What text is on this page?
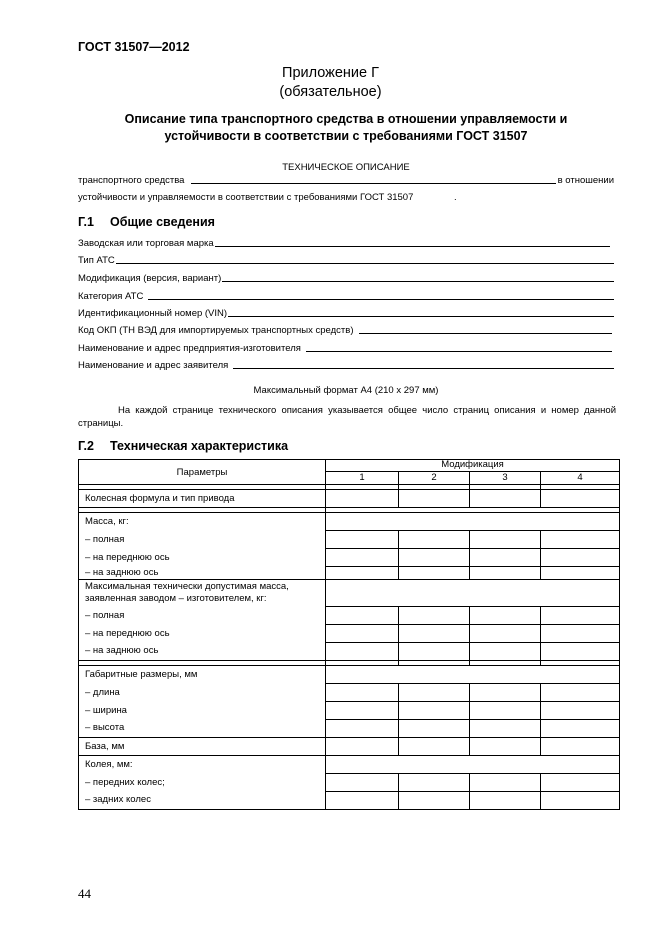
ГОСТ 31507—2012
Приложение Г
(обязательное)
Описание типа транспортного средства в отношении управляемости и
устойчивости в соответствии с требованиями ГОСТ 31507
ТЕХНИЧЕСКОЕ ОПИСАНИЕ
транспортного средства	в отношении
устойчивости и управляемости в соответствии с требованиями ГОСТ 31507	.
Г.1 Общие сведения
Заводская или торговая марка
Тип АТС
Модификация (версия, вариант)
Категория АТС
Идентификационный номер (VIN)
Код ОКП (ТН ВЭД для импортируемых транспортных средств)
Наименование и адрес предприятия-изготовителя
Наименование и адрес заявителя
Максимальный формат А4 (210 х 297 мм)
На каждой странице технического описания указывается общее число страниц описания и номер данной страницы.
Г.2 Техническая характеристика
Параметры	Модификация			
	1	2	3	4

Колесная формула и тип привода				

Масса, кг:				
– полная				
– на переднюю ось				
– на заднюю ось				
Максимальная технически допустимая масса, заявленная заводом – изготовителем, кг:				
– полная				
– на переднюю ось				
– на заднюю ось				

Габаритные размеры, мм				
– длина				
– ширина				
– высота				
База, мм				
Колея, мм:				
– передних колес;				
– задних колес				
44
